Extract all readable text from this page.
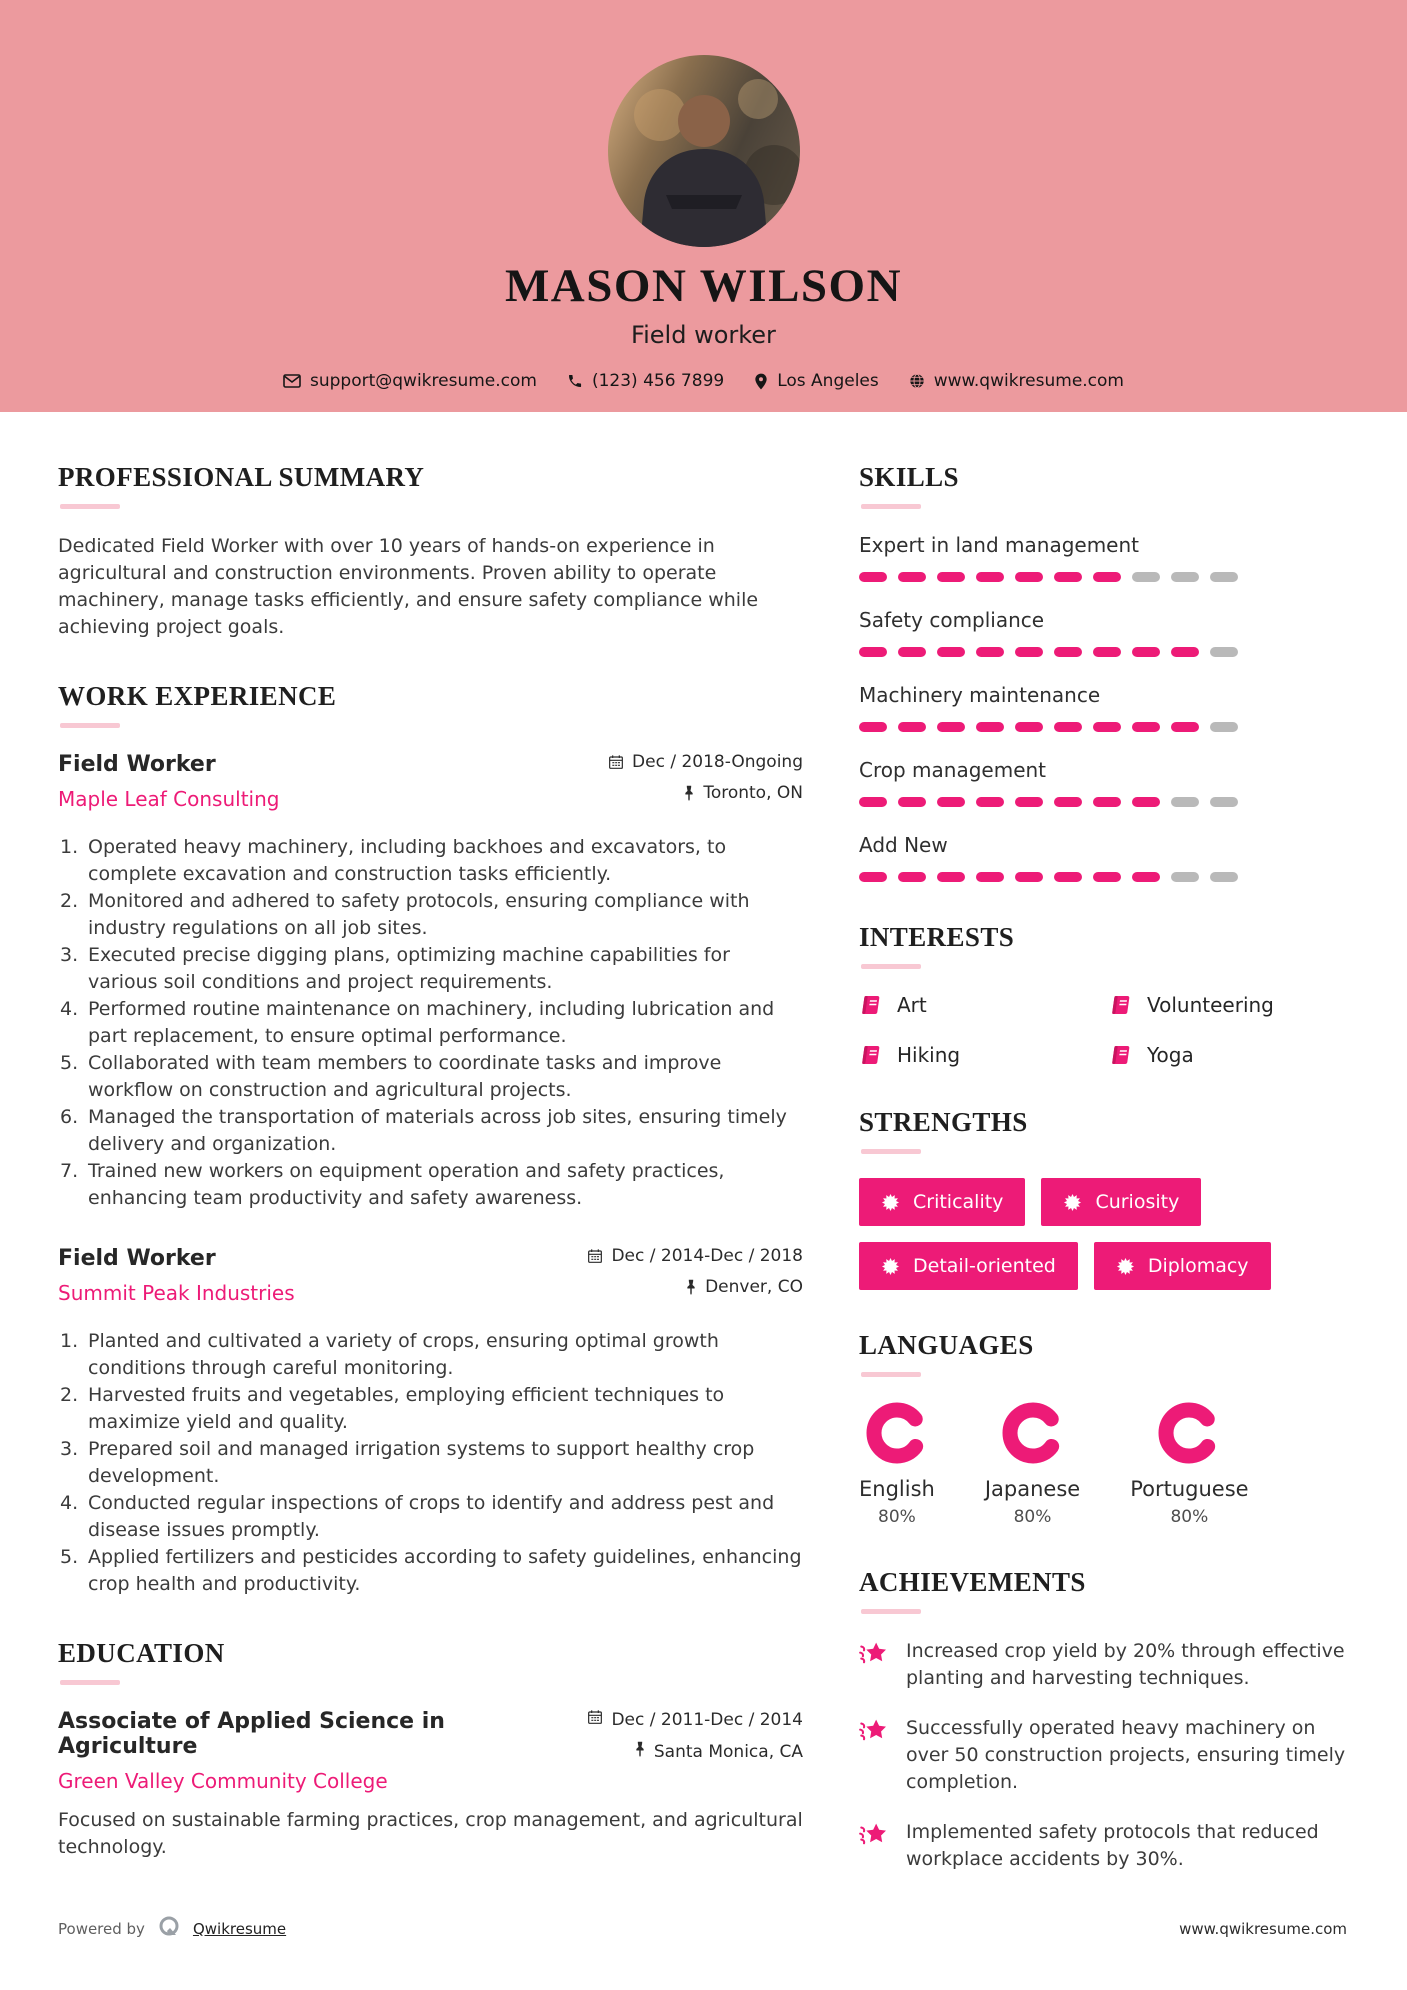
MASON WILSON
Field worker
support@qwikresume.com	(123) 456 7899	Los Angeles	www.qwikresume.com
PROFESSIONAL SUMMARY

Dedicated Field Worker with over 10 years of hands-on experience in agricultural and construction environments. Proven ability to operate machinery, manage tasks efficiently, and ensure safety compliance while achieving project goals.

WORK EXPERIENCE
Field Worker
Maple Leaf Consulting
Dec / 2018-Ongoing
Toronto, ON
Operated heavy machinery, including backhoes and excavators, to complete excavation and construction tasks efficiently.
Monitored and adhered to safety protocols, ensuring compliance with industry regulations on all job sites.
Executed precise digging plans, optimizing machine capabilities for various soil conditions and project requirements.
Performed routine maintenance on machinery, including lubrication and part replacement, to ensure optimal performance.
Collaborated with team members to coordinate tasks and improve workflow on construction and agricultural projects.
Managed the transportation of materials across job sites, ensuring timely delivery and organization.
Trained new workers on equipment operation and safety practices, enhancing team productivity and safety awareness.
Field Worker
Summit Peak Industries
Dec / 2014-Dec / 2018
Denver, CO
Planted and cultivated a variety of crops, ensuring optimal growth conditions through careful monitoring.
Harvested fruits and vegetables, employing efficient techniques to maximize yield and quality.
Prepared soil and managed irrigation systems to support healthy crop development.
Conducted regular inspections of crops to identify and address pest and disease issues promptly.
Applied fertilizers and pesticides according to safety guidelines, enhancing crop health and productivity.
EDUCATION
Associate of Applied Science in Agriculture
Green Valley Community College
Dec / 2011-Dec / 2014
Santa Monica, CA

Focused on sustainable farming practices, crop management, and agricultural technology.

SKILLS
Expert in land management
Safety compliance
Machinery maintenance
Crop management
Add New
INTERESTS
Art	Volunteering
Hiking	Yoga
STRENGTHS
Criticality	Curiosity
Detail-oriented	Diplomacy
LANGUAGES
English
80%
Japanese
80%
Portuguese
80%
ACHIEVEMENTS
Increased crop yield by 20% through effective planting and harvesting techniques.
Successfully operated heavy machinery on over 50 construction projects, ensuring timely completion.
Implemented safety protocols that reduced workplace accidents by 30%.
Powered by	Qwikresume	www.qwikresume.com
